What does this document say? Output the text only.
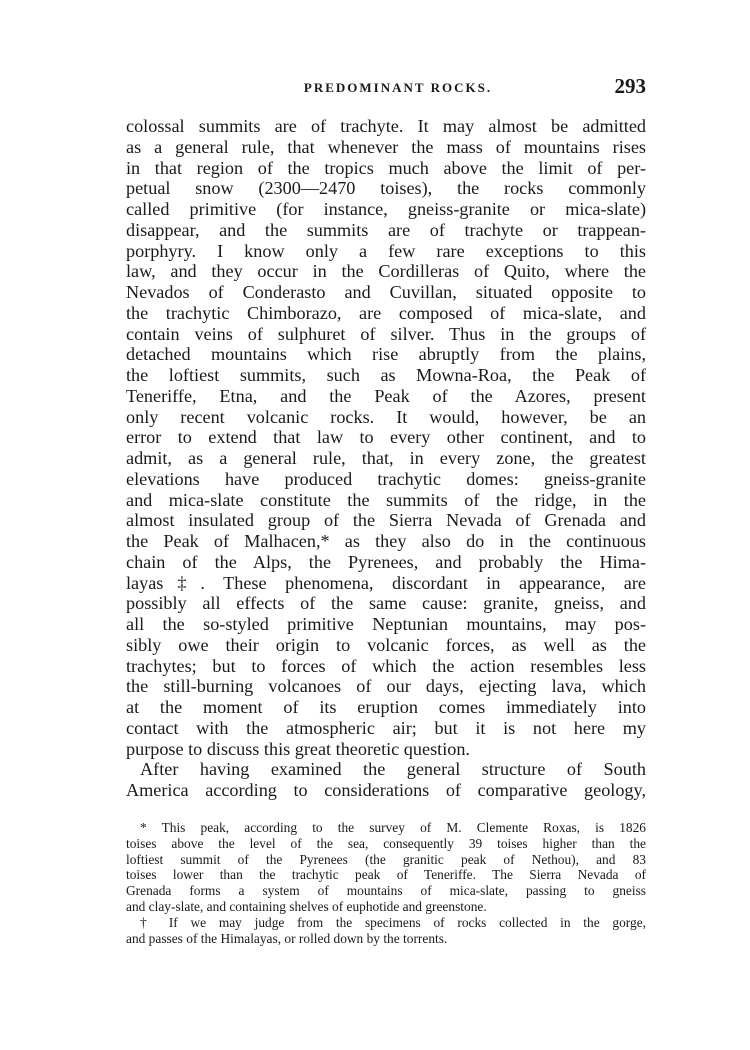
PREDOMINANT ROCKS.	293
colossal summits are of trachyte. It may almost be admitted
as a general rule, that whenever the mass of mountains rises
in that region of the tropics much above the limit of per-
petual snow (2300—2470 toises), the rocks commonly
called primitive (for instance, gneiss-granite or mica-slate)
disappear, and the summits are of trachyte or trappean-
porphyry. I know only a few rare exceptions to this
law, and they occur in the Cordilleras of Quito, where the
Nevados of Conderasto and Cuvillan, situated opposite to
the trachytic Chimborazo, are composed of mica-slate, and
contain veins of sulphuret of silver. Thus in the groups of
detached mountains which rise abruptly from the plains,
the loftiest summits, such as Mowna-Roa, the Peak of
Teneriffe, Etna, and the Peak of the Azores, present
only recent volcanic rocks. It would, however, be an
error to extend that law to every other continent, and to
admit, as a general rule, that, in every zone, the greatest
elevations have produced trachytic domes: gneiss-granite
and mica-slate constitute the summits of the ridge, in the
almost insulated group of the Sierra Nevada of Grenada and
the Peak of Malhacen,* as they also do in the continuous
chain of the Alps, the Pyrenees, and probably the Hima-
layas‡. These phenomena, discordant in appearance, are
possibly all effects of the same cause: granite, gneiss, and
all the so-styled primitive Neptunian mountains, may pos-
sibly owe their origin to volcanic forces, as well as the
trachytes; but to forces of which the action resembles less
the still-burning volcanoes of our days, ejecting lava, which
at the moment of its eruption comes immediately into
contact with the atmospheric air; but it is not here my
purpose to discuss this great theoretic question.
After having examined the general structure of South
America according to considerations of comparative geology,
* This peak, according to the survey of M. Clemente Roxas, is 1826
toises above the level of the sea, consequently 39 toises higher than the
loftiest summit of the Pyrenees (the granitic peak of Nethou), and 83
toises lower than the trachytic peak of Teneriffe. The Sierra Nevada of
Grenada forms a system of mountains of mica-slate, passing to gneiss
and clay-slate, and containing shelves of euphotide and greenstone.
† If we may judge from the specimens of rocks collected in the gorge,
and passes of the Himalayas, or rolled down by the torrents.
